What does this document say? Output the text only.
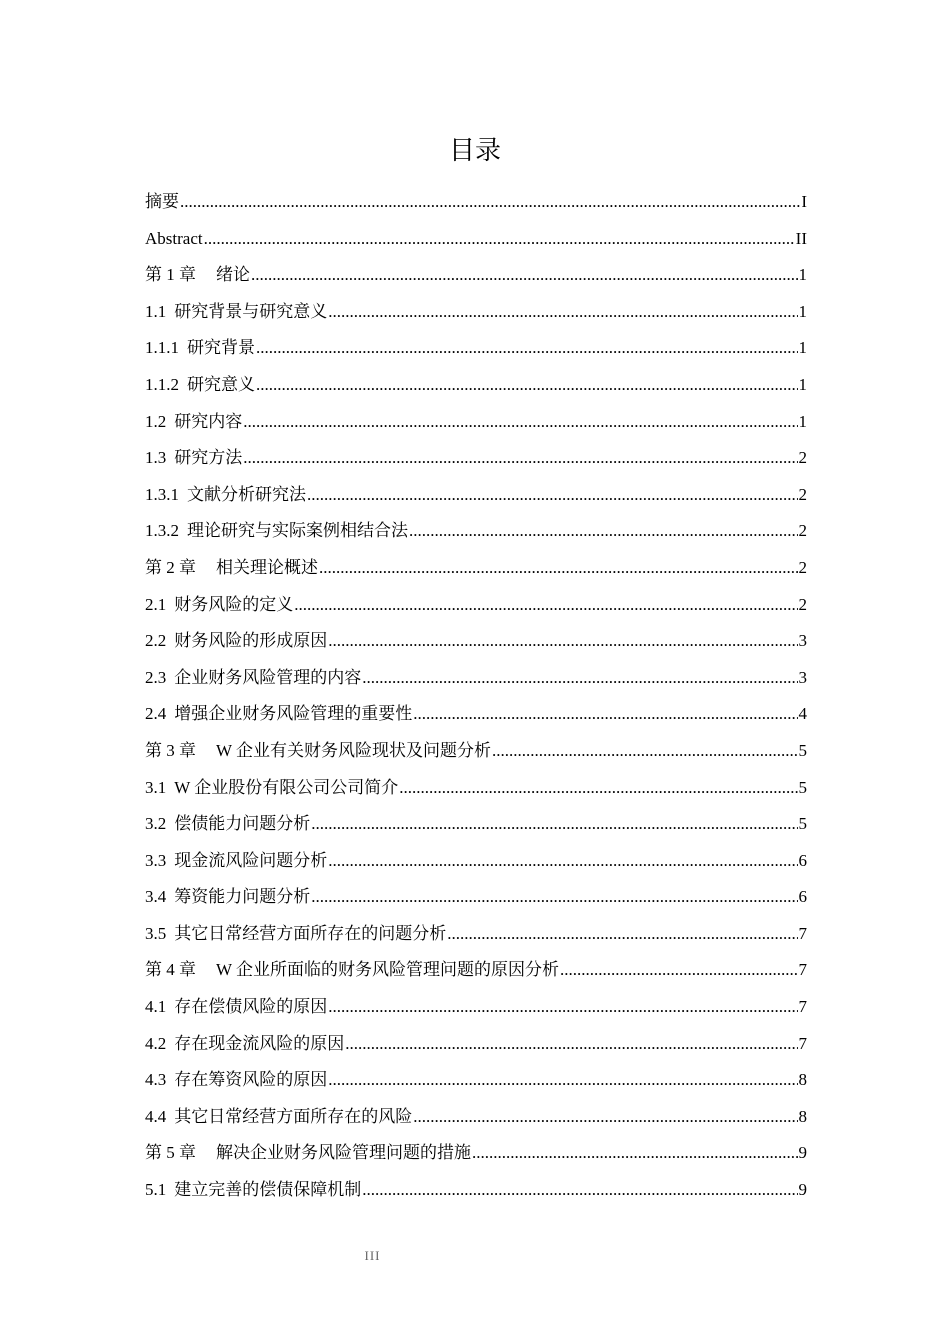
目录
摘要 .....	I
Abstract .....	II
第 1 章 绪论 .....	1
1.1 研究背景与研究意义 .....	1
1.1.1 研究背景 .....	1
1.1.2 研究意义 .....	1
1.2 研究内容 .....	1
1.3 研究方法 .....	2
1.3.1 文献分析研究法 .....	2
1.3.2 理论研究与实际案例相结合法 .....	2
第 2 章 相关理论概述 .....	2
2.1 财务风险的定义 .....	2
2.2 财务风险的形成原因 .....	3
2.3 企业财务风险管理的内容 .....	3
2.4 增强企业财务风险管理的重要性 .....	4
第 3 章 W 企业有关财务风险现状及问题分析 .....	5
3.1 W 企业股份有限公司公司简介 .....	5
3.2 偿债能力问题分析 .....	5
3.3 现金流风险问题分析 .....	6
3.4 筹资能力问题分析 .....	6
3.5 其它日常经营方面所存在的问题分析 .....	7
第 4 章 W 企业所面临的财务风险管理问题的原因分析 .....	7
4.1 存在偿债风险的原因 .....	7
4.2 存在现金流风险的原因 .....	7
4.3 存在筹资风险的原因 .....	8
4.4 其它日常经营方面所存在的风险 .....	8
第 5 章 解决企业财务风险管理问题的措施 .....	9
5.1 建立完善的偿债保障机制 .....	9
III
